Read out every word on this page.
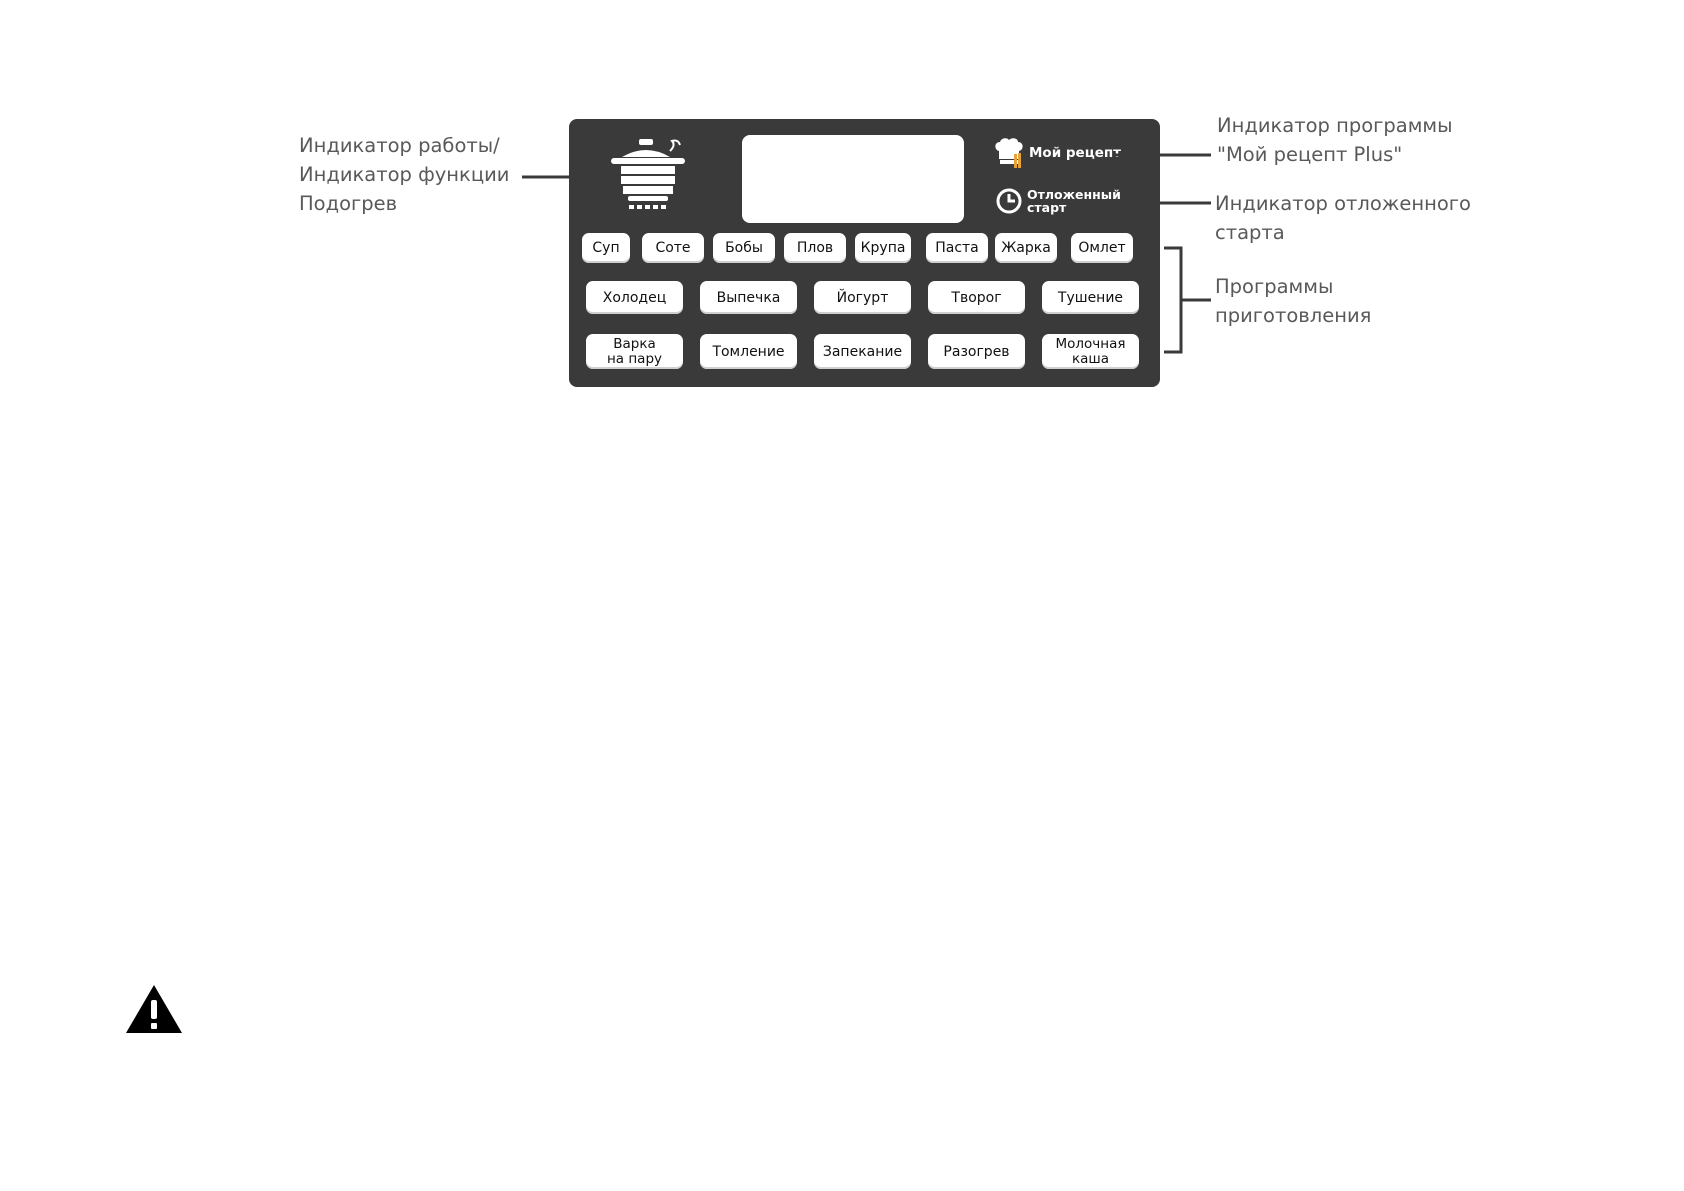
Индикатор работы/
Индикатор функции
Подогрев

Индикатор программы
"Мой рецепт Plus"

Индикатор отложенного
старта

Программы
приготовления

Мой рецепт
Отложенный
старт
Суп	Соте	Бобы	Плов	Крупа	Паста	Жарка	Омлет
Холодец	Выпечка	Йогурт	Творог	Тушение
Варка
на пару	Томление	Запекание	Разогрев	Молочная
каша
